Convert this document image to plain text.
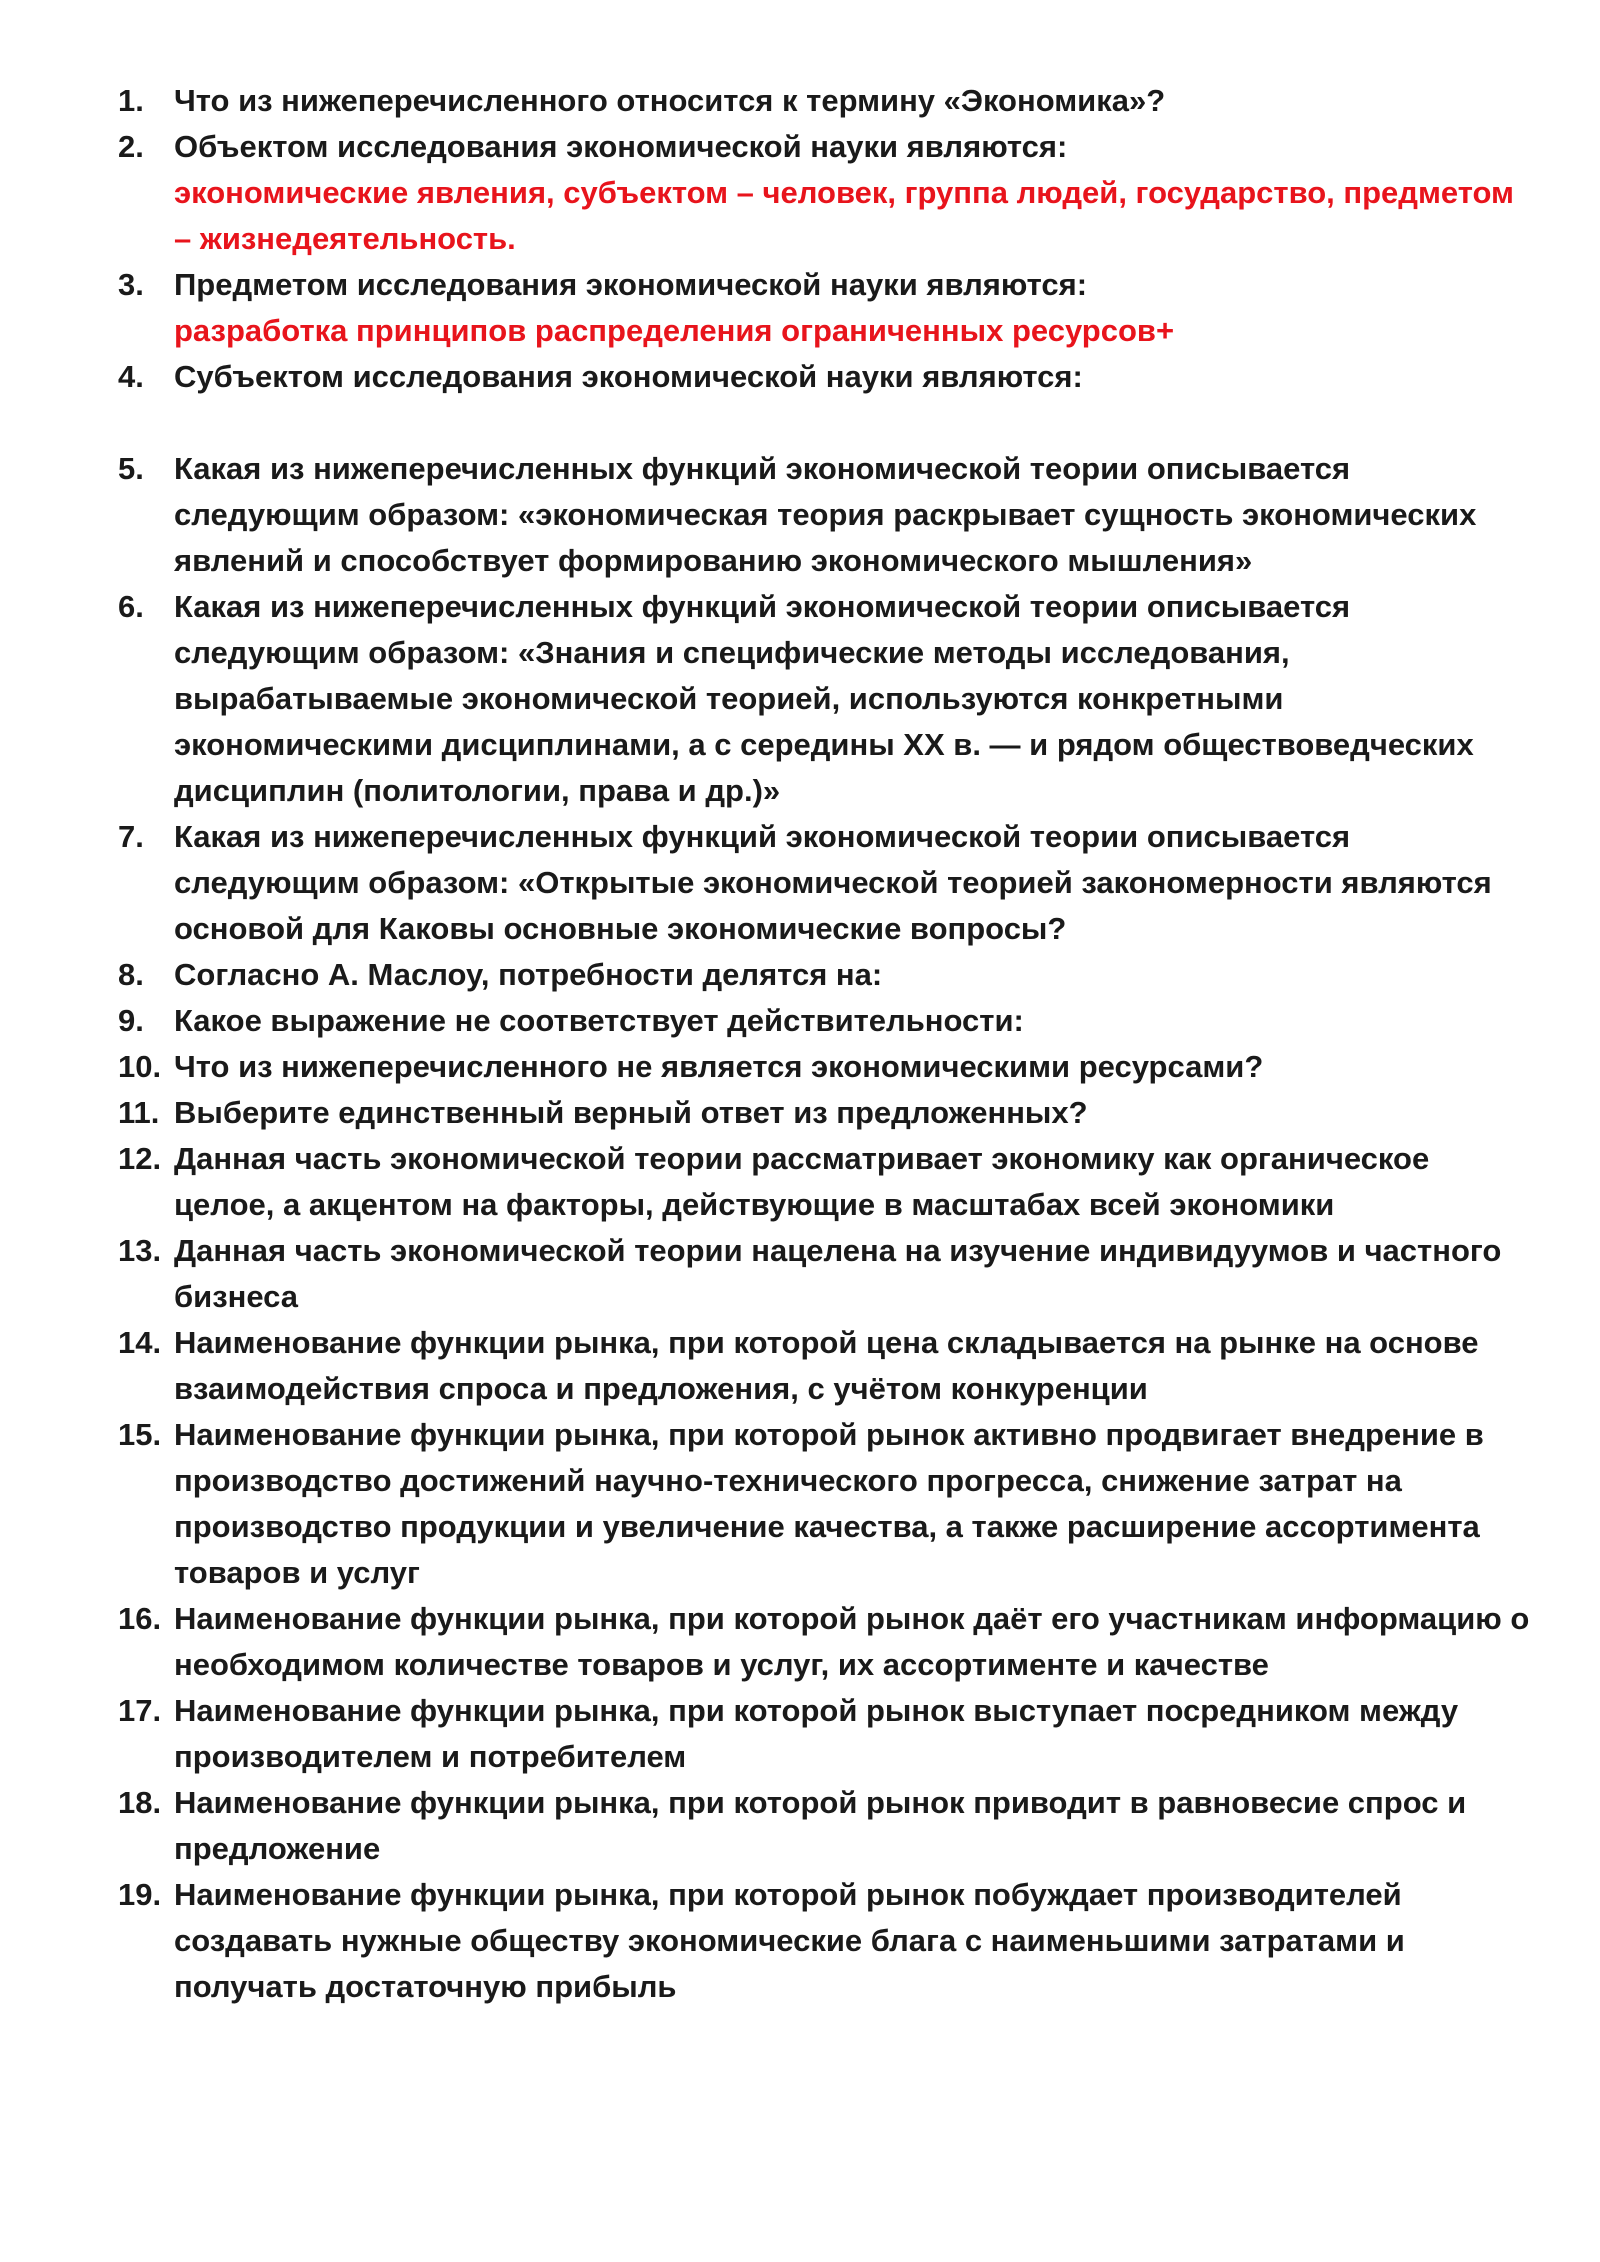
1. Что из нижеперечисленного относится к термину «Экономика»?
2. Объектом исследования экономической науки являются:
экономические явления, субъектом – человек, группа людей, государство, предметом – жизнедеятельность.
3. Предметом исследования экономической науки являются:
разработка принципов распределения ограниченных ресурсов+
4. Субъектом исследования экономической науки являются:
5. Какая из нижеперечисленных функций экономической теории описывается следующим образом: «экономическая теория раскрывает сущность экономических явлений и способствует формированию экономического мышления»
6. Какая из нижеперечисленных функций экономической теории описывается следующим образом: «Знания и специфические методы исследования, вырабатываемые экономической теорией, используются конкретными экономическими дисциплинами, а с середины XX в. — и рядом обществоведческих дисциплин (политологии, права и др.)»
7. Какая из нижеперечисленных функций экономической теории описывается следующим образом: «Открытые экономической теорией закономерности являются основой для Каковы основные экономические вопросы?
8. Согласно А. Маслоу, потребности делятся на:
9. Какое выражение не соответствует действительности:
10. Что из нижеперечисленного не является экономическими ресурсами?
11. Выберите единственный верный ответ из предложенных?
12. Данная часть экономической теории рассматривает экономику как органическое целое, а акцентом на факторы, действующие в масштабах всей экономики
13. Данная часть экономической теории нацелена на изучение индивидуумов и частного бизнеса
14. Наименование функции рынка, при которой цена складывается на рынке на основе взаимодействия спроса и предложения, с учётом конкуренции
15. Наименование функции рынка, при которой рынок активно продвигает внедрение в производство достижений научно-технического прогресса, снижение затрат на производство продукции и увеличение качества, а также расширение ассортимента товаров и услуг
16. Наименование функции рынка, при которой рынок даёт его участникам информацию о необходимом количестве товаров и услуг, их ассортименте и качестве
17. Наименование функции рынка, при которой рынок выступает посредником между производителем и потребителем
18. Наименование функции рынка, при которой рынок приводит в равновесие спрос и предложение
19. Наименование функции рынка, при которой рынок побуждает производителей создавать нужные обществу экономические блага с наименьшими затратами и получать достаточную прибыль
